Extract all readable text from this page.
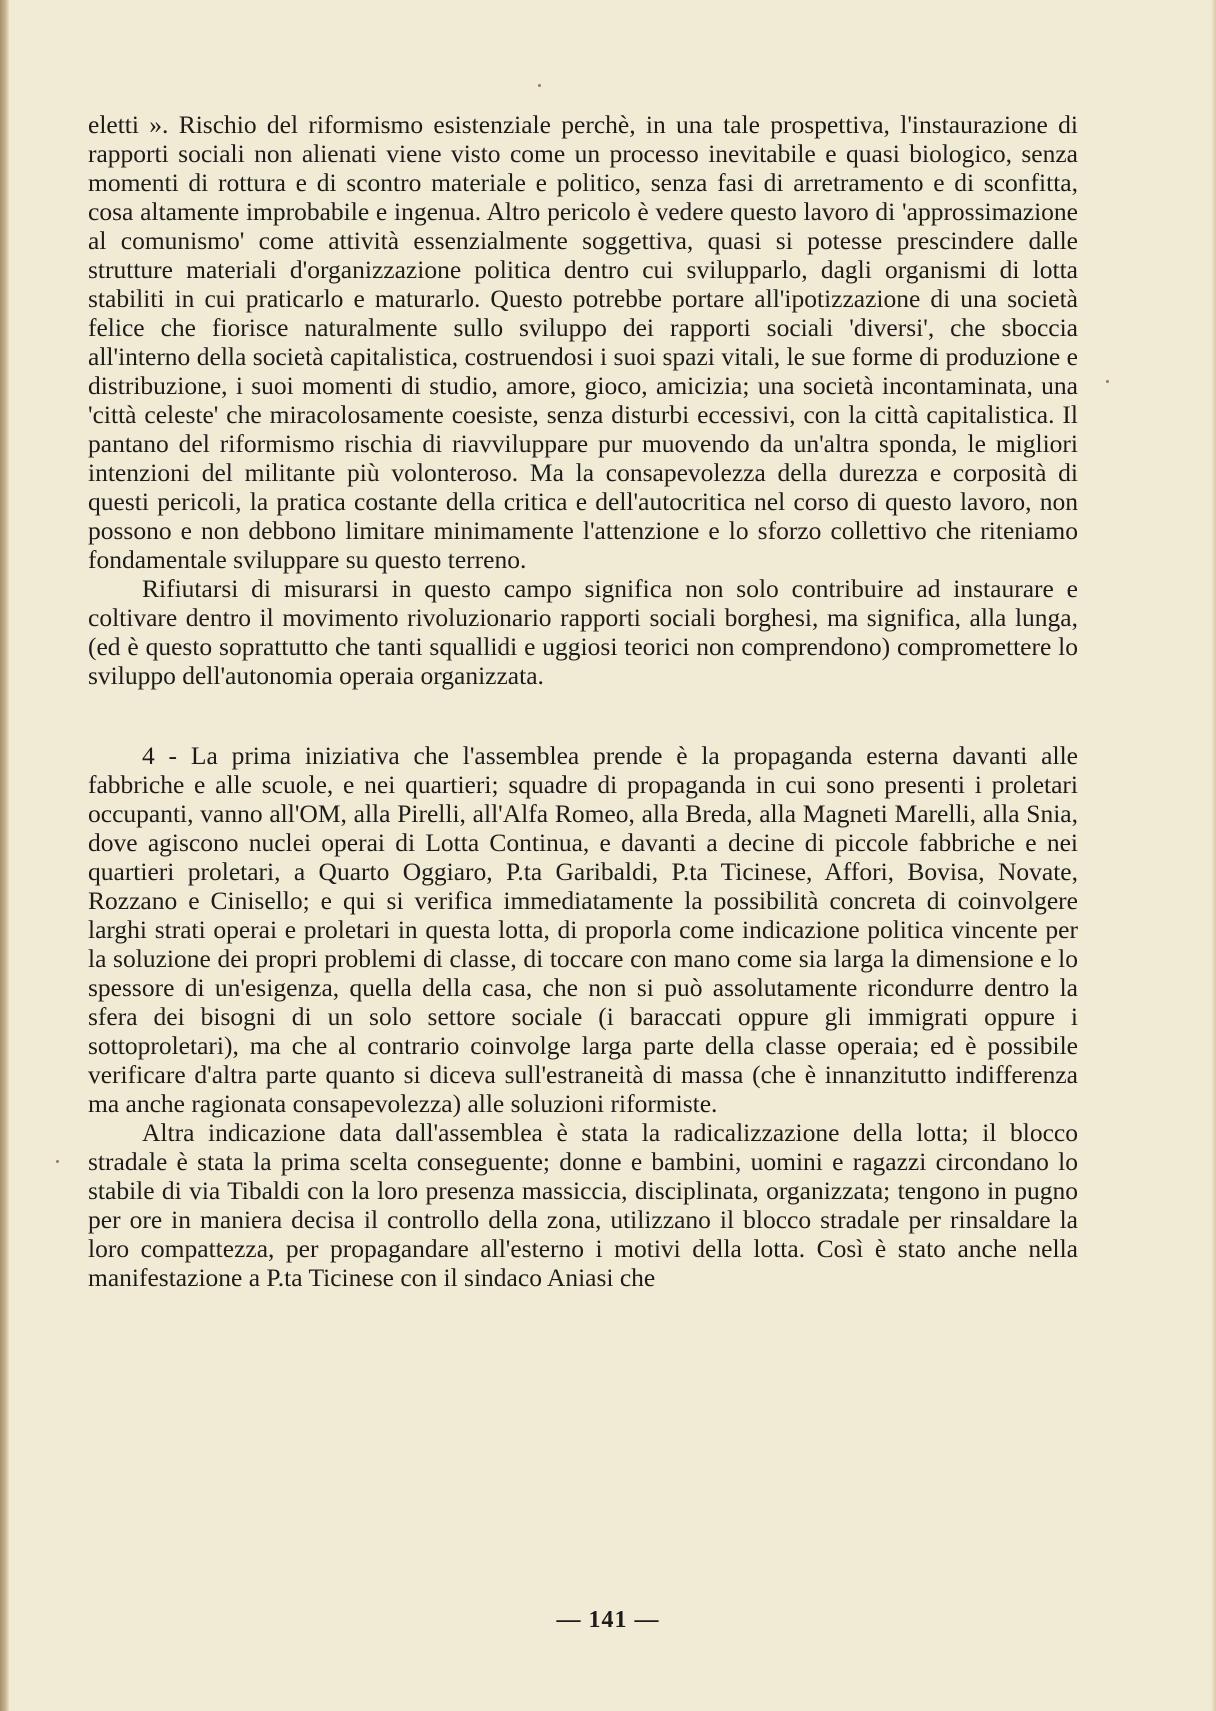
eletti ». Rischio del riformismo esistenziale perchè, in una tale prospettiva, l'instaurazione di rapporti sociali non alienati viene visto come un processo inevitabile e quasi biologico, senza momenti di rottura e di scontro materiale e politico, senza fasi di arretramento e di sconfitta, cosa altamente improbabile e ingenua. Altro pericolo è vedere questo lavoro di 'approssimazione al comunismo' come attività essenzialmente soggettiva, quasi si potesse prescindere dalle strutture materiali d'organizzazione politica dentro cui svilupparlo, dagli organismi di lotta stabiliti in cui praticarlo e maturarlo. Questo potrebbe portare all'ipotizzazione di una società felice che fiorisce naturalmente sullo sviluppo dei rapporti sociali 'diversi', che sboccia all'interno della società capitalistica, costruendosi i suoi spazi vitali, le sue forme di produzione e distribuzione, i suoi momenti di studio, amore, gioco, amicizia; una società incontaminata, una 'città celeste' che miracolosamente coesiste, senza disturbi eccessivi, con la città capitalistica. Il pantano del riformismo rischia di riavvilupparе pur muovendo da un'altra sponda, le migliori intenzioni del militante più volonteroso. Ma la consapevolezza della durezza e corposità di questi pericoli, la pratica costante della critica e dell'autocritica nel corso di questo lavoro, non possono e non debbono limitare minimamente l'attenzione e lo sforzo collettivo che riteniamo fondamentale sviluppare su questo terreno.

Rifiutarsi di misurarsi in questo campo significa non solo contribuire ad instaurare e coltivare dentro il movimento rivoluzionario rapporti sociali borghesi, ma significa, alla lunga, (ed è questo soprattutto che tanti squallidi e uggiosi teorici non comprendono) compromettere lo sviluppo dell'autonomia operaia organizzata.

4 - La prima iniziativa che l'assemblea prende è la propaganda esterna davanti alle fabbriche e alle scuole, e nei quartieri; squadre di propaganda in cui sono presenti i proletari occupanti, vanno all'OM, alla Pirelli, all'Alfa Romeo, alla Breda, alla Magneti Marelli, alla Snia, dove agiscono nuclei operai di Lotta Continua, e davanti a decine di piccole fabbriche e nei quartieri proletari, a Quarto Oggiaro, P.ta Garibaldi, P.ta Ticinese, Affori, Bovisa, Novate, Rozzano e Cinisello; e qui si verifica immediatamente la possibilità concreta di coinvolgere larghi strati operai e proletari in questa lotta, di proporla come indicazione politica vincente per la soluzione dei propri problemi di classe, di toccare con mano come sia larga la dimensione e lo spessore di un'esigenza, quella della casa, che non si può assolutamente ricondurre dentro la sfera dei bisogni di un solo settore sociale (i baraccati oppure gli immigrati oppure i sottoproletari), ma che al contrario coinvolge larga parte della classe operaia; ed è possibile verificare d'altra parte quanto si diceva sull'estraneità di massa (che è innanzitutto indifferenza ma anche ragionata consapevolezza) alle soluzioni riformiste.

Altra indicazione data dall'assemblea è stata la radicalizzazione della lotta; il blocco stradale è stata la prima scelta conseguente; donne e bambini, uomini e ragazzi circondano lo stabile di via Tibaldi con la loro presenza massiccia, disciplinata, organizzata; tengono in pugno per ore in maniera decisa il controllo della zona, utilizzano il blocco stradale per rinsaldare la loro compattezza, per propagandare all'esterno i motivi della lotta. Così è stato anche nella manifestazione a P.ta Ticinese con il sindaco Aniasi che

— 141 —
